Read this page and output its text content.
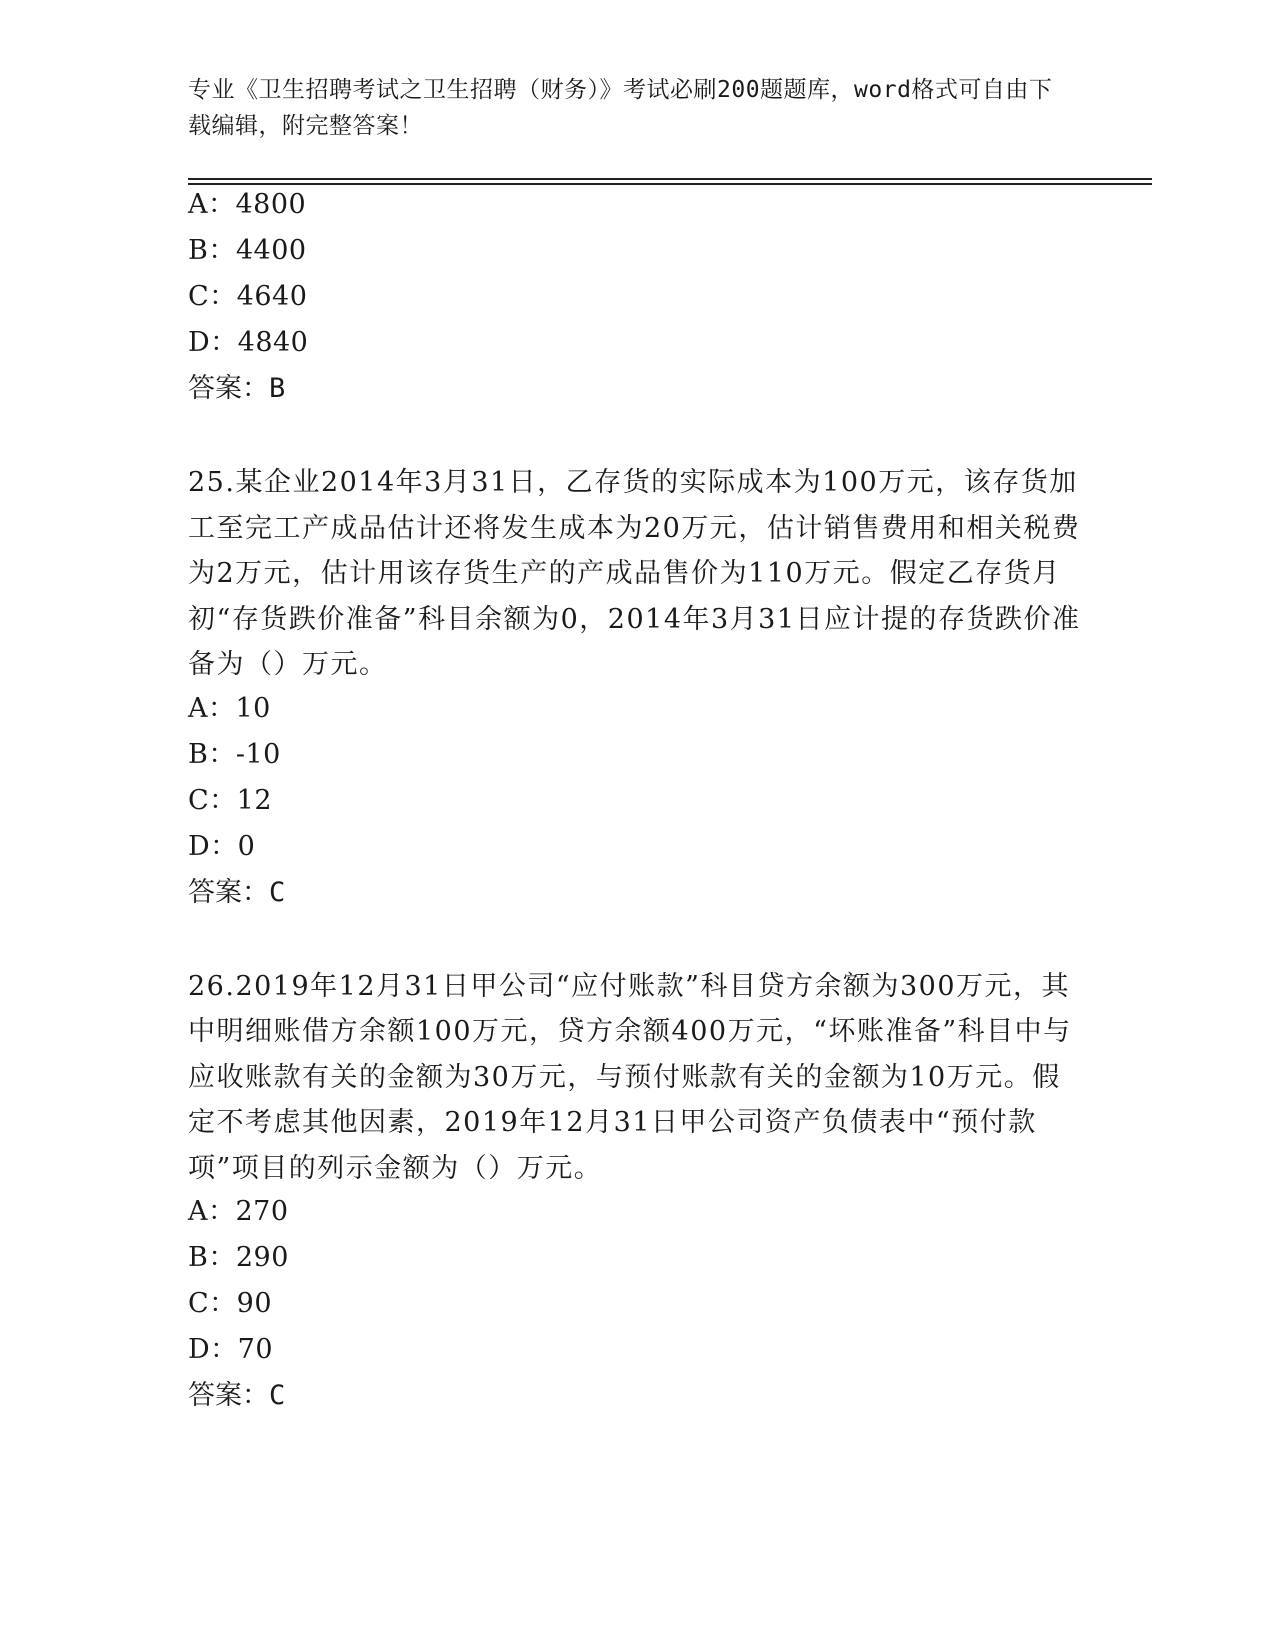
专业《卫生招聘考试之卫生招聘（财务）》考试必刷200题题库，word格式可自由下载编辑，附完整答案！
A：4800
B：4400
C：4640
D：4840
答案：B
25.某企业2014年3月31日，乙存货的实际成本为100万元，该存货加工至完工产成品估计还将发生成本为20万元，估计销售费用和相关税费为2万元，估计用该存货生产的产成品售价为110万元。假定乙存货月初“存货跌价准备”科目余额为0，2014年3月31日应计提的存货跌价准备为（）万元。
A：10
B：-10
C：12
D：0
答案：C
26.2019年12月31日甲公司“应付账款”科目贷方余额为300万元，其中明细账借方余额100万元，贷方余额400万元，“坏账准备”科目中与应收账款有关的金额为30万元，与预付账款有关的金额为10万元。假定不考虑其他因素，2019年12月31日甲公司资产负债表中“预付款项”项目的列示金额为（）万元。
A：270
B：290
C：90
D：70
答案：C
